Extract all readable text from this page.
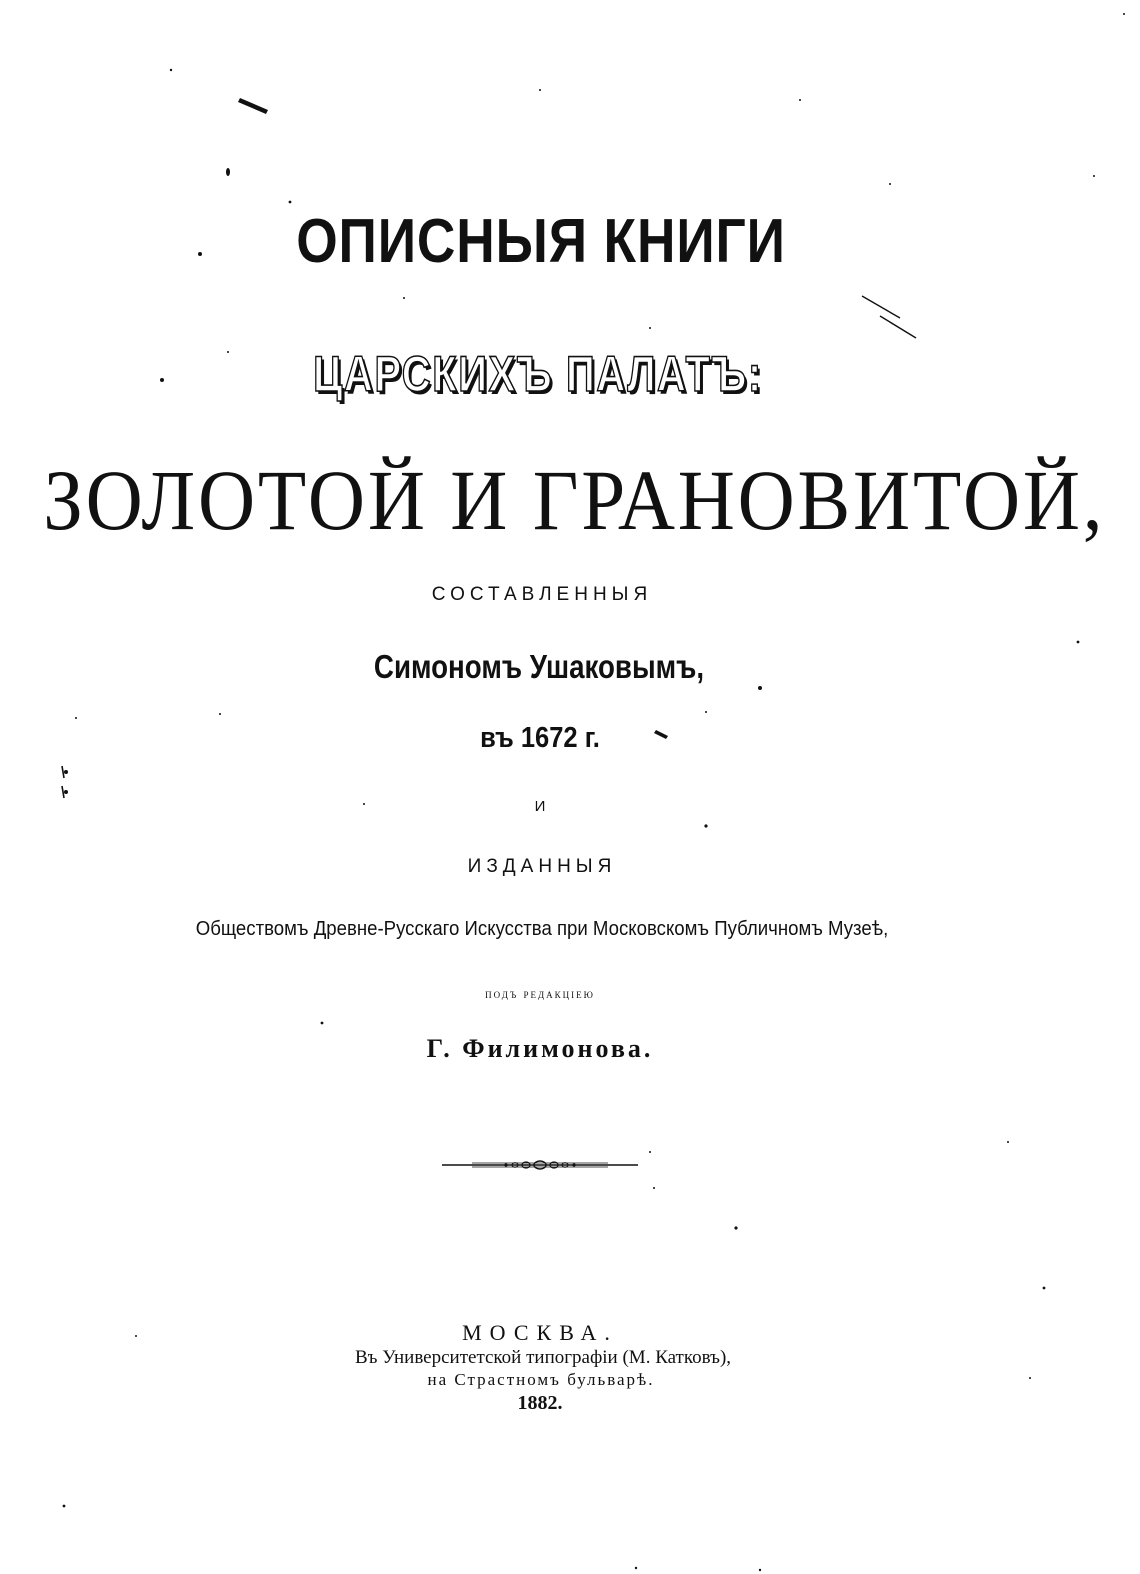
ОПИСНЫЯ КНИГИ
ЦАРСКИХЪ ПАЛАТЪ:
ЗОЛОТОЙ И ГРАНОВИТОЙ,
СОСТАВЛЕННЫЯ
Симономъ Ушаковымъ,
въ 1672 г.
И
ИЗДАННЫЯ
Обществомъ Древне-Русскаго Искусства при Московскомъ Публичномъ Музеѣ,
подъ редакціею
Г. Филимонова.
МОСКВА.
Въ Университетской типографіи (М. Катковъ),
на Страстномъ бульварѣ.
1882.
